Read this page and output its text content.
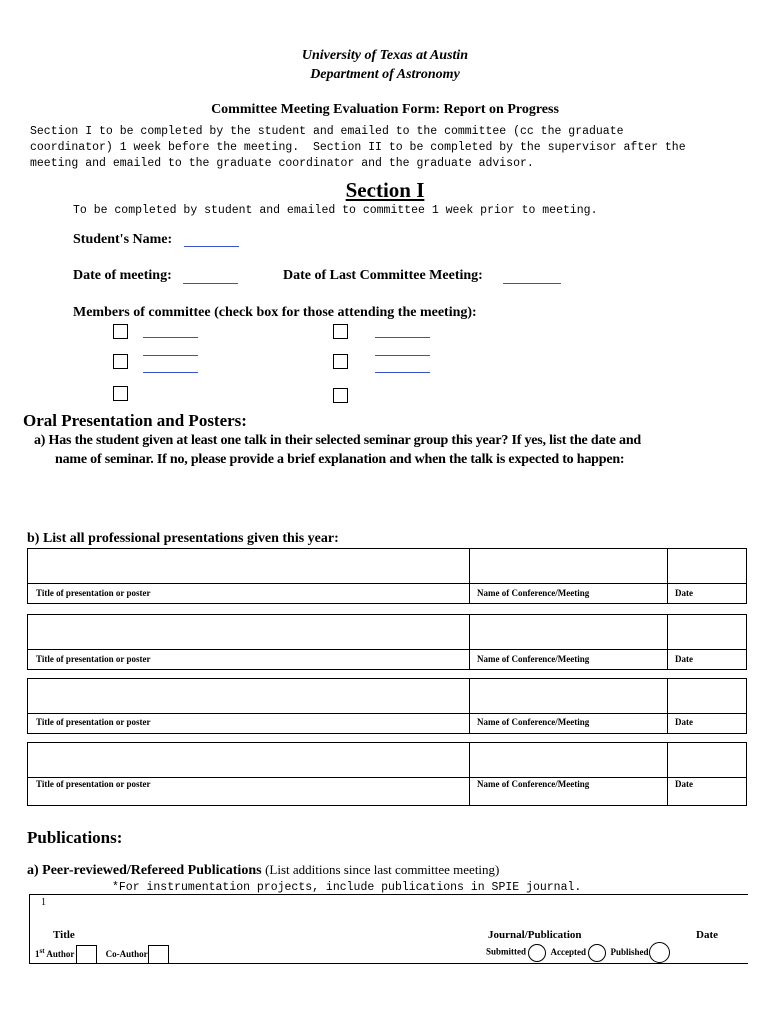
University of Texas at Austin
Department of Astronomy
Committee Meeting Evaluation Form: Report on Progress
Section I to be completed by the student and emailed to the committee (cc the graduate
coordinator) 1 week before the meeting.  Section II to be completed by the supervisor after the
meeting and emailed to the graduate coordinator and the graduate advisor.
Section I
To be completed by student and emailed to committee 1 week prior to meeting.
Student's Name:
Date of meeting:	Date of Last Committee Meeting:
Members of committee (check box for those attending the meeting):
Oral Presentation and Posters:
a) Has the student given at least one talk in their selected seminar group this year? If yes, list the date and
name of seminar. If no, please provide a brief explanation and when the talk is expected to happen:
b) List all professional presentations given this year:
Title of presentation or poster	Name of Conference/Meeting	Date
Title of presentation or poster	Name of Conference/Meeting	Date
Title of presentation or poster	Name of Conference/Meeting	Date
Title of presentation or poster	Name of Conference/Meeting	Date
Publications:
a) Peer-reviewed/Refereed Publications (List additions since last committee meeting)
*For instrumentation projects, include publications in SPIE journal.
1
Title	Journal/Publication	Date
1st Author	Co-Author	Submitted	Accepted	Published
